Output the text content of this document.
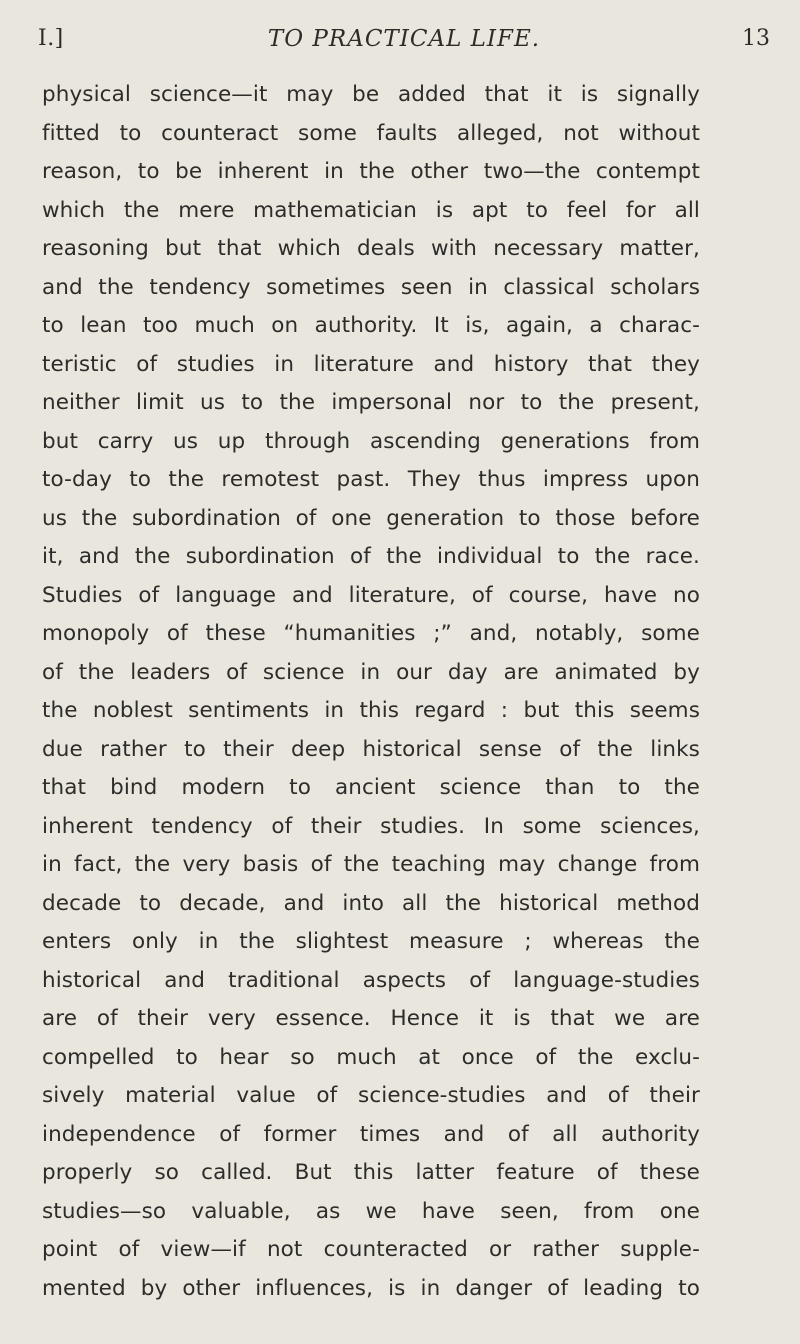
I.]	TO PRACTICAL LIFE.	13
physical science—it may be added that it is signally
fitted to counteract some faults alleged, not without
reason, to be inherent in the other two—the contempt
which the mere mathematician is apt to feel for all
reasoning but that which deals with necessary matter,
and the tendency sometimes seen in classical scholars
to lean too much on authority. It is, again, a charac-
teristic of studies in literature and history that they
neither limit us to the impersonal nor to the present,
but carry us up through ascending generations from
to-day to the remotest past. They thus impress upon
us the subordination of one generation to those before
it, and the subordination of the individual to the race.
Studies of language and literature, of course, have no
monopoly of these “humanities ;” and, notably, some
of the leaders of science in our day are animated by
the noblest sentiments in this regard : but this seems
due rather to their deep historical sense of the links
that bind modern to ancient science than to the
inherent tendency of their studies. In some sciences,
in fact, the very basis of the teaching may change from
decade to decade, and into all the historical method
enters only in the slightest measure ; whereas the
historical and traditional aspects of language-studies
are of their very essence. Hence it is that we are
compelled to hear so much at once of the exclu-
sively material value of science-studies and of their
independence of former times and of all authority
properly so called. But this latter feature of these
studies—so valuable, as we have seen, from one
point of view—if not counteracted or rather supple-
mented by other influences, is in danger of leading to
